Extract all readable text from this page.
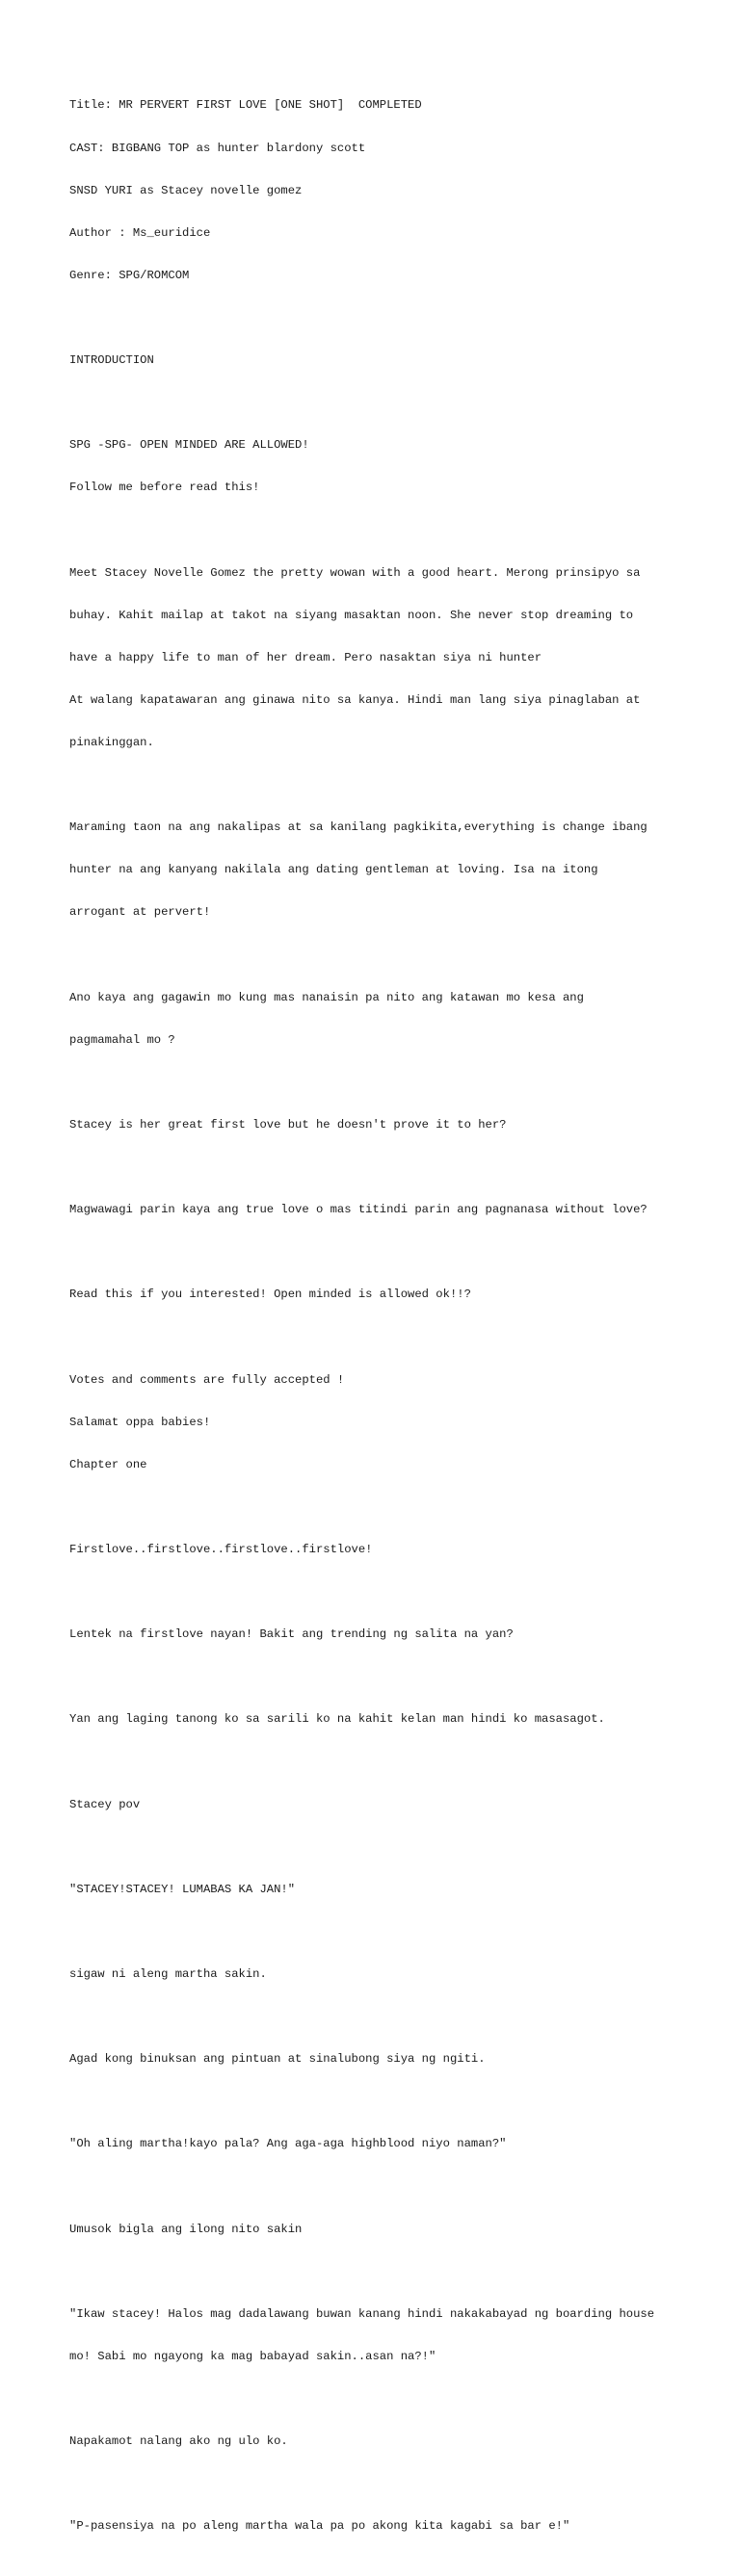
Title: MR PERVERT FIRST LOVE [ONE SHOT]  COMPLETED

CAST: BIGBANG TOP as hunter blardony scott

SNSD YURI as Stacey novelle gomez

Author : Ms_euridice

Genre: SPG/ROMCOM

INTRODUCTION

SPG -SPG- OPEN MINDED ARE ALLOWED!

Follow me before read this!

Meet Stacey Novelle Gomez the pretty wowan with a good heart. Merong prinsipyo sa

buhay. Kahit mailap at takot na siyang masaktan noon. She never stop dreaming to

have a happy life to man of her dream. Pero nasaktan siya ni hunter

At walang kapatawaran ang ginawa nito sa kanya. Hindi man lang siya pinaglaban at

pinakinggan.

Maraming taon na ang nakalipas at sa kanilang pagkikita,everything is change ibang

hunter na ang kanyang nakilala ang dating gentleman at loving. Isa na itong

arrogant at pervert!

Ano kaya ang gagawin mo kung mas nanaisin pa nito ang katawan mo kesa ang

pagmamahal mo ?

Stacey is her great first love but he doesn't prove it to her?

Magwawagi parin kaya ang true love o mas titindi parin ang pagnanasa without love?

Read this if you interested! Open minded is allowed ok!!?

Votes and comments are fully accepted !

Salamat oppa babies!

Chapter one

Firstlove..firstlove..firstlove..firstlove!

Lentek na firstlove nayan! Bakit ang trending ng salita na yan?

Yan ang laging tanong ko sa sarili ko na kahit kelan man hindi ko masasagot.

Stacey pov

"STACEY!STACEY! LUMABAS KA JAN!"

sigaw ni aleng martha sakin.

Agad kong binuksan ang pintuan at sinalubong siya ng ngiti.

"Oh aling martha!kayo pala? Ang aga-aga highblood niyo naman?"

Umusok bigla ang ilong nito sakin

"Ikaw stacey! Halos mag dadalawang buwan kanang hindi nakakabayad ng boarding house

mo! Sabi mo ngayong ka mag babayad sakin..asan na?!"

Napakamot nalang ako ng ulo ko.

"P-pasensiya na po aleng martha wala pa po akong kita kagabi sa bar e!"
